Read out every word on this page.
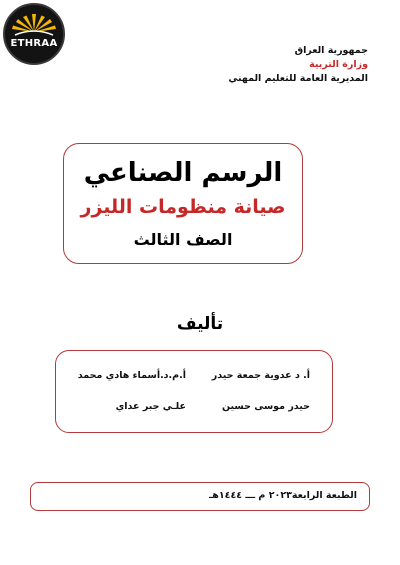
ETHRAA
جمهورية العراق
وزارة التربية
المديرية العامة للتعليم المهني
الرسم الصناعي
صيانة منظومات الليزر
الصف الثالث
تأليف
أ. د عدوية جمعة حيدر
أ.م.د.أسماء هادي محمد
حيدر موسى حسين
علـي جبر عداي
الطبعة الرابعة٢٠٢٣ م ـــ ١٤٤٤هـ
